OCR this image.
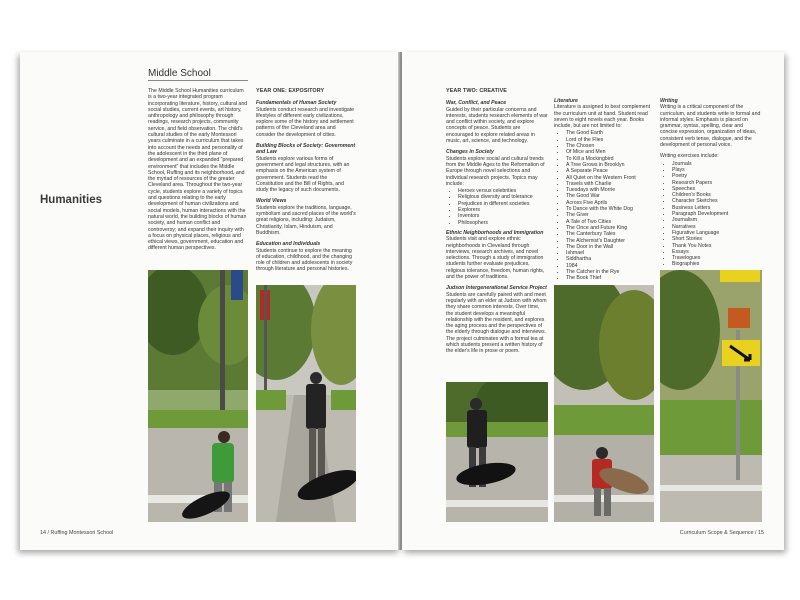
Middle School
Humanities

The Middle School Humanities curriculum is a two-year integrated program incorporating literature, history, cultural and social studies, current events, art history, anthropology and philosophy through readings, research projects, community service, and field observation. The child's cultural studies of the early Montessori years culminate in a curriculum that takes into account the needs and personality of the adolescent in the third plane of development and an expanded "prepared environment" that includes the Middle School, Ruffing and its neighborhood, and the myriad of resources of the greater Cleveland area. Throughout the two-year cycle, students explore a variety of topics and questions relating to the early development of human civilizations and social models, human interactions with the natural world, the building blocks of human society, and human conflict and controversy; and expand their inquiry with a focus on physical places, religious and ethical views, government, education and different human perspectives.

YEAR ONE: EXPOSITORY
Fundamentals of Human Society

Students conduct research and investigate lifestyles of different early civilizations, explore some of the history and settlement patterns of the Cleveland area and consider the development of cities.

Building Blocks of Society: Government and Law

Students explore various forms of government and legal structures, with an emphasis on the American system of government. Students read the Constitution and the Bill of Rights, and study the legacy of such documents.

World Views

Students explore the traditions, language, symbolism and sacred places of the world's great religions, including: Judaism, Christianity, Islam, Hinduism, and Buddhism.

Education and Individuals

Students continue to explore the meaning of education, childhood, and the changing role of children and adolescents in society through literature and personal histories.

14 / Ruffing Montessori School
YEAR TWO: CREATIVE
War, Conflict, and Peace

Guided by their particular concerns and interests, students research elements of war and conflict within society, and explore concepts of peace. Students are encouraged to explore related areas in music, art, science, and technology.

Changes in Society

Students explore social and cultural trends from the Middle Ages to the Reformation of Europe through novel selections and individual research projects. Topics may include:

• Heroes versus celebrities
• Religious diversity and tolerance
• Prejudices in different societies
• Explorers
• Inventors
• Philosophers
Ethnic Neighborhoods and Immigration

Students visit and explore ethnic neighborhoods in Cleveland through interviews, research archives, and novel selections. Through a study of immigration students further evaluate prejudices, religious tolerance, freedom, human rights, and the power of traditions.

Judson Intergenerational Service Project

Students are carefully paired with and meet regularly with an elder at Judson with whom they share common interests. Over time, the student develops a meaningful relationship with the resident, and explores the aging process and the perspectives of the elderly through dialogue and interviews. The project culminates with a formal tea at which students present a written history of the elder's life in prose or poem.

Literature

Literature is assigned to best complement the curriculum unit at hand. Student read seven to eight novels each year. Books include, but are not limited to:

• The Good Earth
• Lord of the Flies
• The Chosen
• Of Mice and Men
• To Kill a Mockingbird
• A Tree Grows in Brooklyn
• A Separate Peace
• All Quiet on the Western Front
• Travels with Charlie
• Tuesdays with Morrie
• The Good War
• Across Five Aprils
• To Dance with the White Dog
• The Giver
• A Tale of Two Cities
• The Once and Future King
• The Canterbury Tales
• The Alchemist's Daughter
• The Door in the Wall
• Ishmael
• Siddhartha
• 1984
• The Catcher in the Rye
• The Book Thief
Writing

Writing is a critical component of the curriculum, and students write in formal and informal styles. Emphasis is placed on grammar, syntax, spelling, clear and concise expression, organization of ideas, consistent verb tense, dialogue, and the development of personal voice.

Writing exercises include:

• Journals
• Plays
• Poetry
• Research Papers
• Speeches
• Children's Books
• Character Sketches
• Business Letters
• Paragraph Development
• Journalism
• Narratives
• Figurative Language
• Short Stories
• Thank You Notes
• Essays
• Travelogues
• Biographies
Curriculum Scope & Sequence / 15
